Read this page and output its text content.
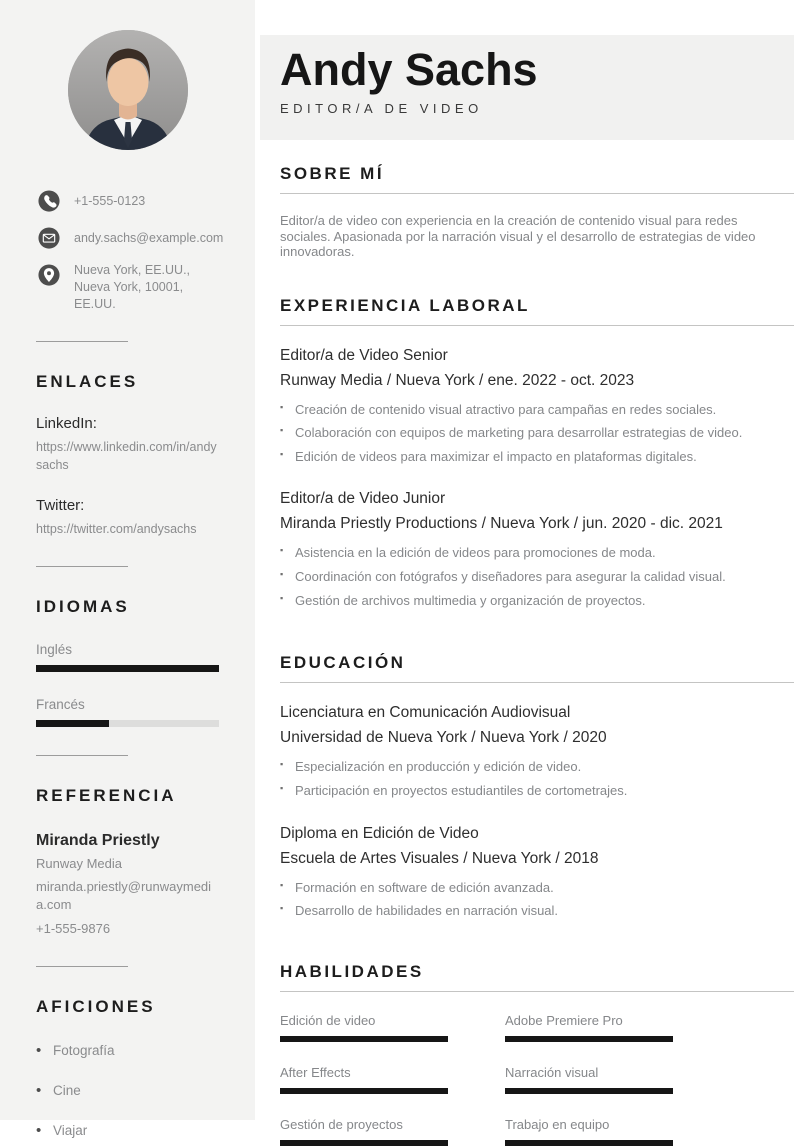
+1-555-0123
andy.sachs@example.com
Nueva York, EE.UU.,
Nueva York, 10001,
EE.UU.
ENLACES
LinkedIn:
https://www.linkedin.com/in/andysachs
Twitter:
https://twitter.com/andysachs
IDIOMAS
Inglés
Francés
REFERENCIA
Miranda Priestly
Runway Media
miranda.priestly@runwaymedia.com
+1-555-9876
AFICIONES
• Fotografía
• Cine
• Viajar
Andy Sachs
EDITOR/A DE VIDEO
SOBRE MÍ

Editor/a de video con experiencia en la creación de contenido visual para redes sociales. Apasionada por la narración visual y el desarrollo de estrategias de video innovadoras.

EXPERIENCIA LABORAL
Editor/a de Video Senior
Runway Media / Nueva York / ene. 2022 - oct. 2023
▪ Creación de contenido visual atractivo para campañas en redes sociales.
▪ Colaboración con equipos de marketing para desarrollar estrategias de video.
▪ Edición de videos para maximizar el impacto en plataformas digitales.
Editor/a de Video Junior
Miranda Priestly Productions / Nueva York / jun. 2020 - dic. 2021
▪ Asistencia en la edición de videos para promociones de moda.
▪ Coordinación con fotógrafos y diseñadores para asegurar la calidad visual.
▪ Gestión de archivos multimedia y organización de proyectos.
EDUCACIÓN
Licenciatura en Comunicación Audiovisual
Universidad de Nueva York / Nueva York / 2020
▪ Especialización en producción y edición de video.
▪ Participación en proyectos estudiantiles de cortometrajes.
Diploma en Edición de Video
Escuela de Artes Visuales / Nueva York / 2018
▪ Formación en software de edición avanzada.
▪ Desarrollo de habilidades en narración visual.
HABILIDADES
Edición de video	Adobe Premiere Pro
After Effects	Narración visual
Gestión de proyectos	Trabajo en equipo
